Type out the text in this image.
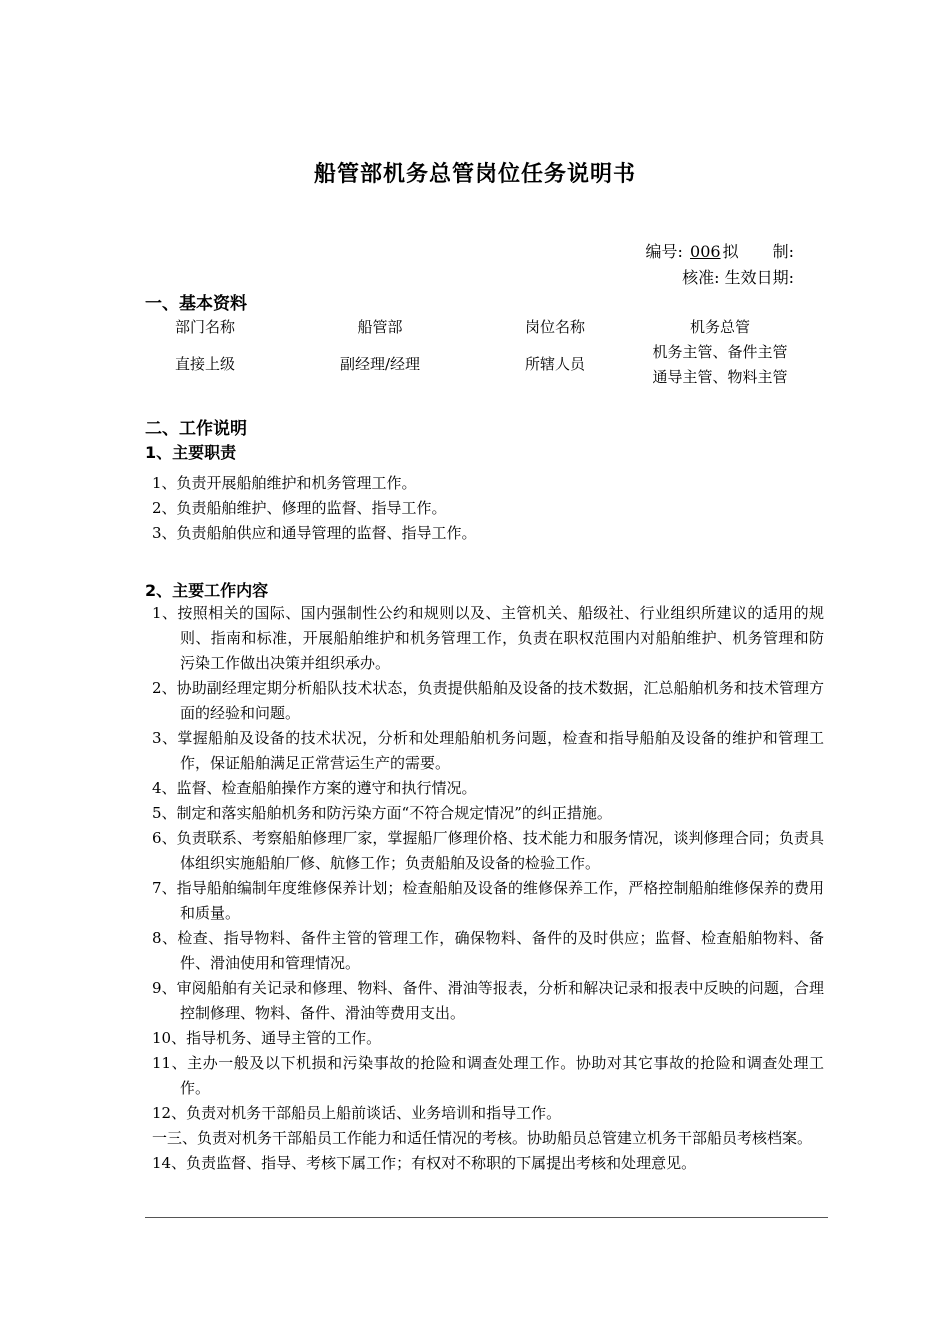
船管部机务总管岗位任务说明书
编号: 006 拟 制:
核准: 生效日期:
一、基本资料
部门名称	船管部	岗位名称	机务总管
直接上级	副经理/经理	所辖人员
机务主管、备件主管
通导主管、物料主管
二、工作说明
1、主要职责
1、负责开展船舶维护和机务管理工作。
2、负责船舶维护、修理的监督、指导工作。
3、负责船舶供应和通导管理的监督、指导工作。
2、主要工作内容
1、按照相关的国际、国内强制性公约和规则以及、主管机关、船级社、行业组织所建议的适用的规则、指南和标准，开展船舶维护和机务管理工作，负责在职权范围内对船舶维护、机务管理和防污染工作做出决策并组织承办。
2、协助副经理定期分析船队技术状态，负责提供船舶及设备的技术数据，汇总船舶机务和技术管理方面的经验和问题。
3、掌握船舶及设备的技术状况，分析和处理船舶机务问题，检查和指导船舶及设备的维护和管理工作，保证船舶满足正常营运生产的需要。
4、监督、检查船舶操作方案的遵守和执行情况。
5、制定和落实船舶机务和防污染方面“不符合规定情况”的纠正措施。
6、负责联系、考察船舶修理厂家，掌握船厂修理价格、技术能力和服务情况，谈判修理合同；负责具体组织实施船舶厂修、航修工作；负责船舶及设备的检验工作。
7、指导船舶编制年度维修保养计划；检查船舶及设备的维修保养工作，严格控制船舶维修保养的费用和质量。
8、检查、指导物料、备件主管的管理工作，确保物料、备件的及时供应；监督、检查船舶物料、备件、滑油使用和管理情况。
9、审阅船舶有关记录和修理、物料、备件、滑油等报表，分析和解决记录和报表中反映的问题，合理控制修理、物料、备件、滑油等费用支出。
10、指导机务、通导主管的工作。
11、主办一般及以下机损和污染事故的抢险和调查处理工作。协助对其它事故的抢险和调查处理工作。
12、负责对机务干部船员上船前谈话、业务培训和指导工作。
一三、负责对机务干部船员工作能力和适任情况的考核。协助船员总管建立机务干部船员考核档案。
14、负责监督、指导、考核下属工作；有权对不称职的下属提出考核和处理意见。
